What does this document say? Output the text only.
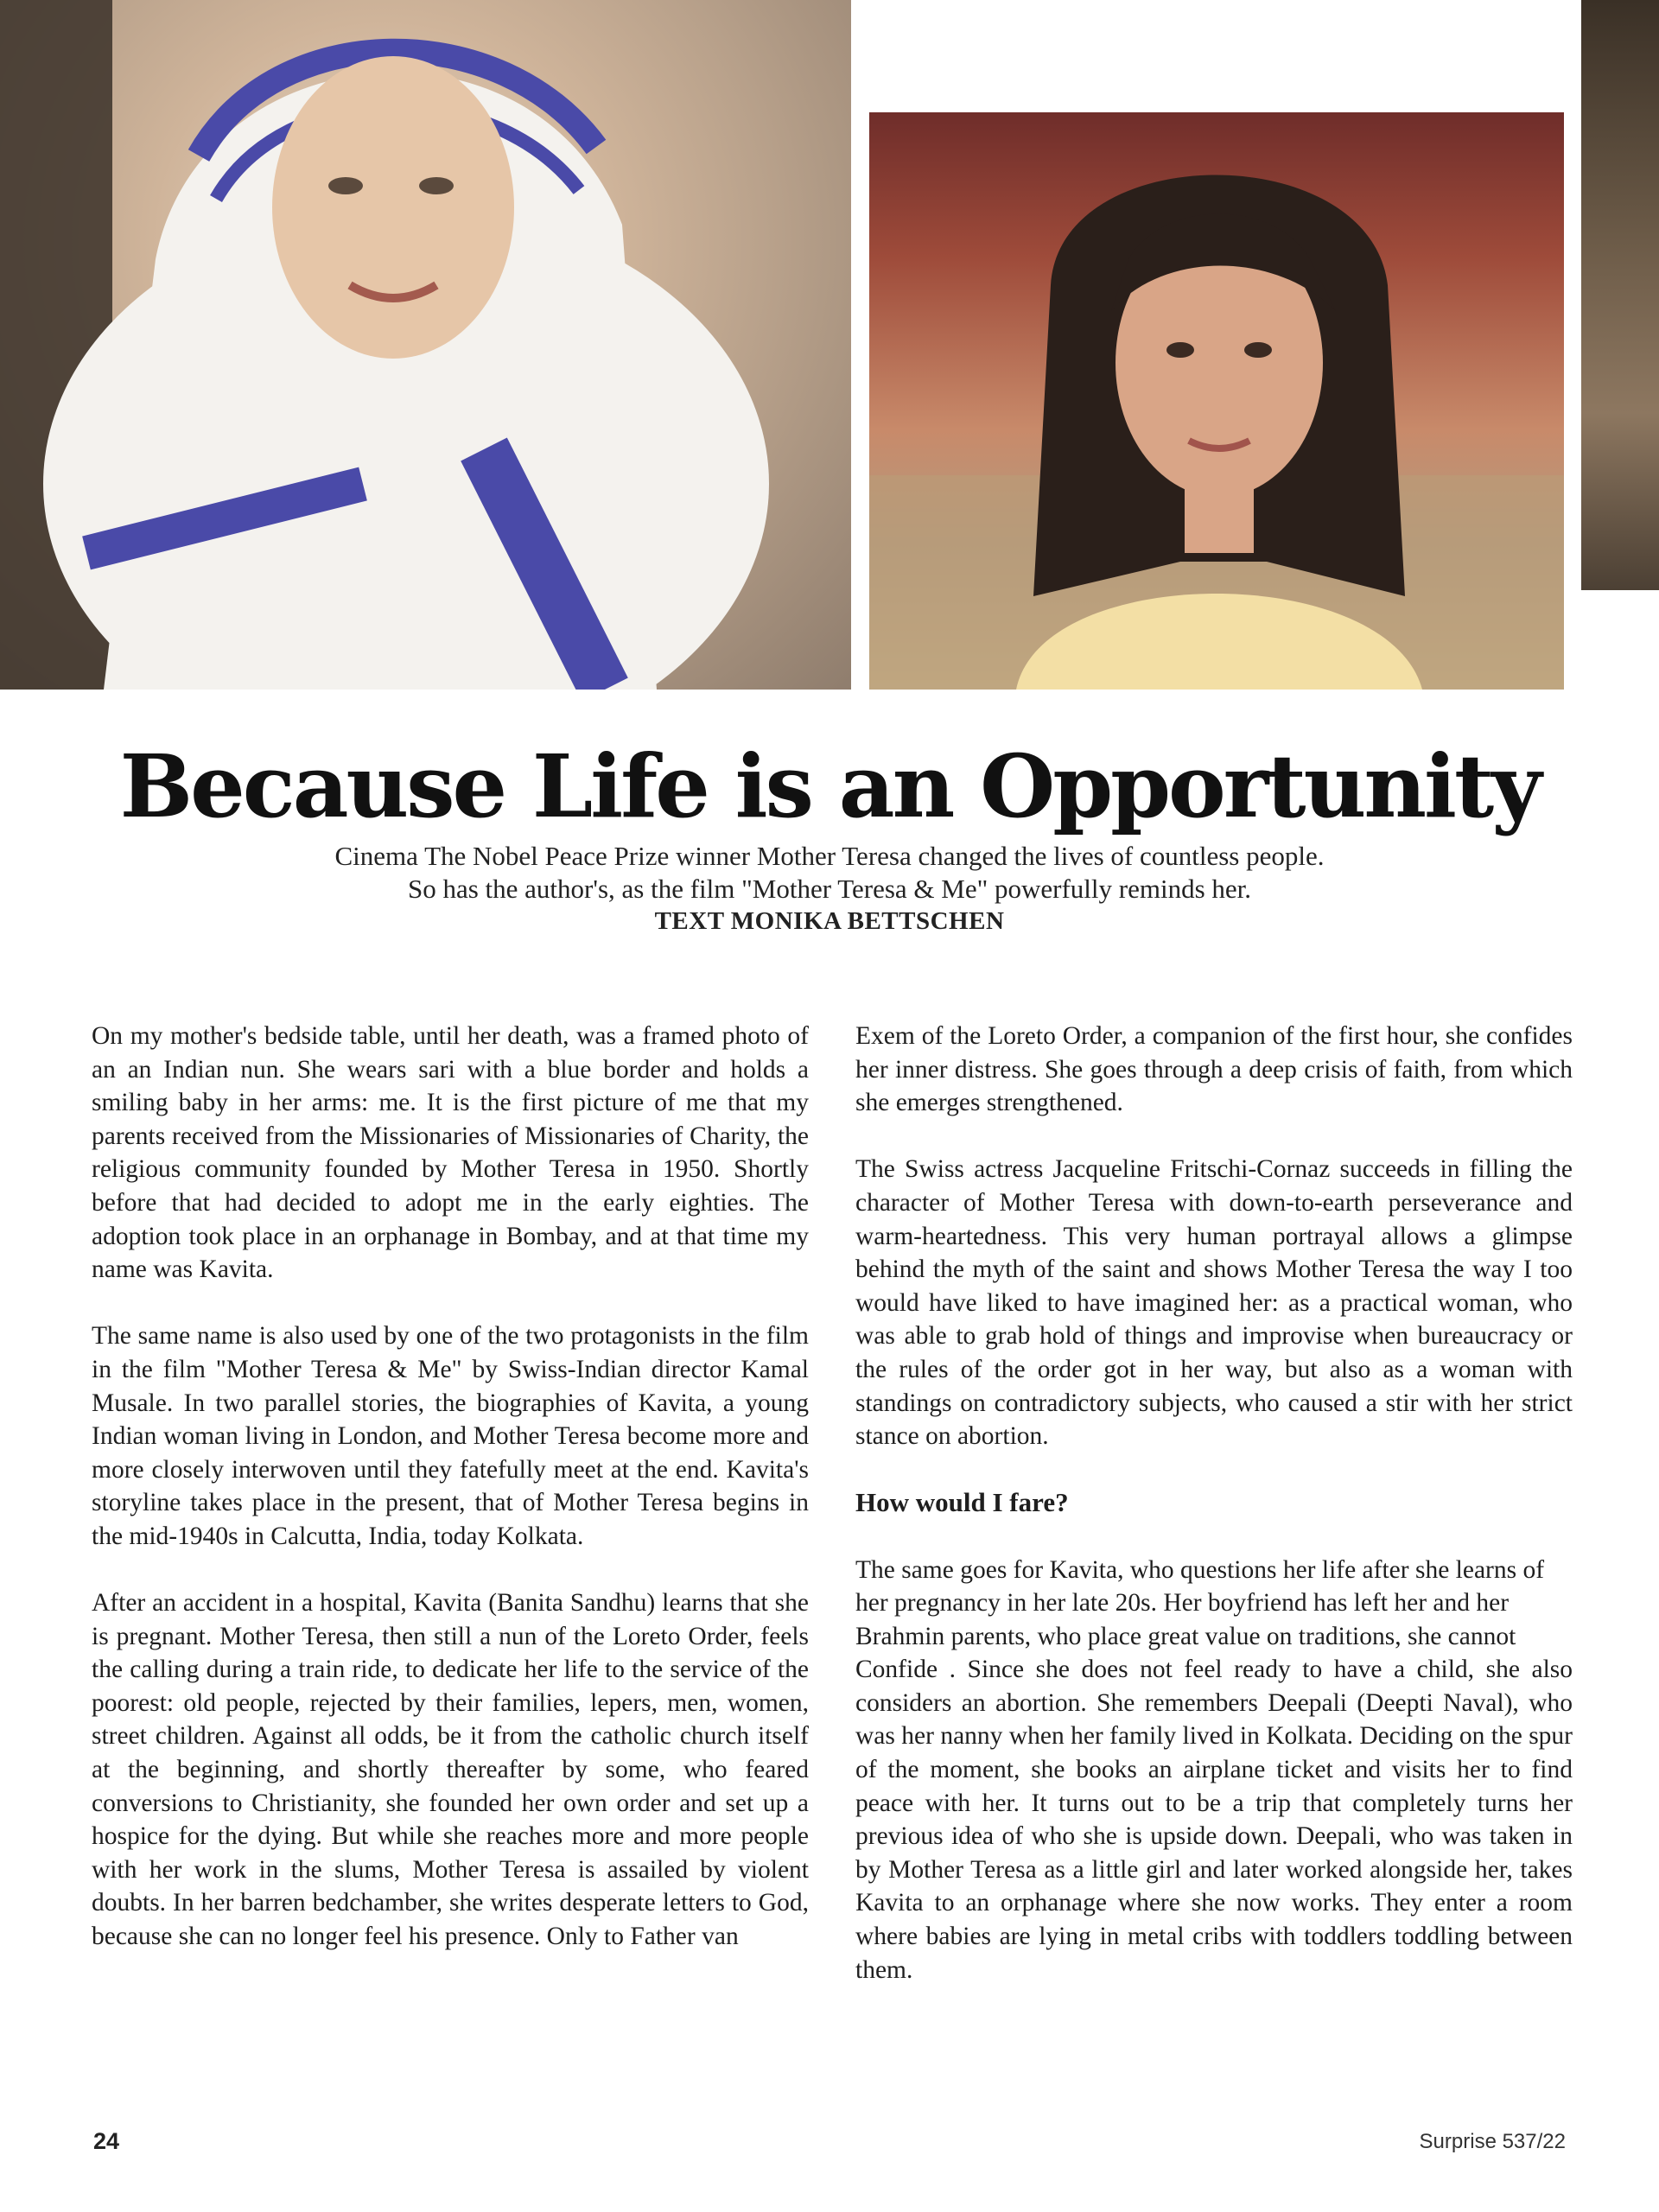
Because Life is an Opportunity
Cinema The Nobel Peace Prize winner Mother Teresa changed the lives of countless people.
So has the author's, as the film "Mother Teresa & Me" powerfully reminds her.
TEXT MONIKA BETTSCHEN

On my mother's bedside table, until her death, was a framed photo of an an Indian nun. She wears sari with a blue border and holds a smiling baby in her arms: me. It is the first picture of me that my parents received from the Missionaries of Missionaries of Charity, the religious community founded by Mother Teresa in 1950. Shortly before that had decided to adopt me in the early eighties. The adoption took place in an orphanage in Bombay, and at that time my name was Kavita.

The same name is also used by one of the two protagonists in the film in the film "Mother Teresa & Me" by Swiss-Indian director Kamal Musale. In two parallel stories, the biographies of Kavita, a young Indian woman living in London, and Mother Teresa become more and more closely interwoven until they fatefully meet at the end. Kavita's storyline takes place in the present, that of Mother Teresa begins in the mid-1940s in Calcutta, India, today Kolkata.

After an accident in a hospital, Kavita (Banita Sandhu) learns that she is pregnant. Mother Teresa, then still a nun of the Loreto Order, feels the calling during a train ride, to dedicate her life to the service of the poorest: old people, rejected by their families, lepers, men, women, street children. Against all odds, be it from the catholic church itself at the beginning, and shortly thereafter by some, who feared conversions to Christianity, she founded her own order and set up a hospice for the dying. But while she reaches more and more people with her work in the slums, Mother Teresa is assailed by violent doubts. In her barren bedchamber, she writes desperate letters to God, because she can no longer feel his presence. Only to Father van

Exem of the Loreto Order, a companion of the first hour, she confides her inner distress. She goes through a deep crisis of faith, from which she emerges strengthened.

The Swiss actress Jacqueline Fritschi-Cornaz succeeds in filling the character of Mother Teresa with down-to-earth perseverance and warm-heartedness. This very human portrayal allows a glimpse behind the myth of the saint and shows Mother Teresa the way I too would have liked to have imagined her: as a practical woman, who was able to grab hold of things and improvise when bureaucracy or the rules of the order got in her way, but also as a woman with standings on contradictory subjects, who caused a stir with her strict stance on abortion.

How would I fare?

The same goes for Kavita, who questions her life after she learns of her pregnancy in her late 20s. Her boyfriend has left her and her Brahmin parents, who place great value on traditions, she cannot

Confide . Since she does not feel ready to have a child, she also considers an abortion. She remembers Deepali (Deepti Naval), who was her nanny when her family lived in Kolkata. Deciding on the spur of the moment, she books an airplane ticket and visits her to find peace with her. It turns out to be a trip that completely turns her previous idea of who she is upside down. Deepali, who was taken in by Mother Teresa as a little girl and later worked alongside her, takes Kavita to an orphanage where she now works. They enter a room where babies are lying in metal cribs with toddlers toddling between them.

24	Surprise 537/22
